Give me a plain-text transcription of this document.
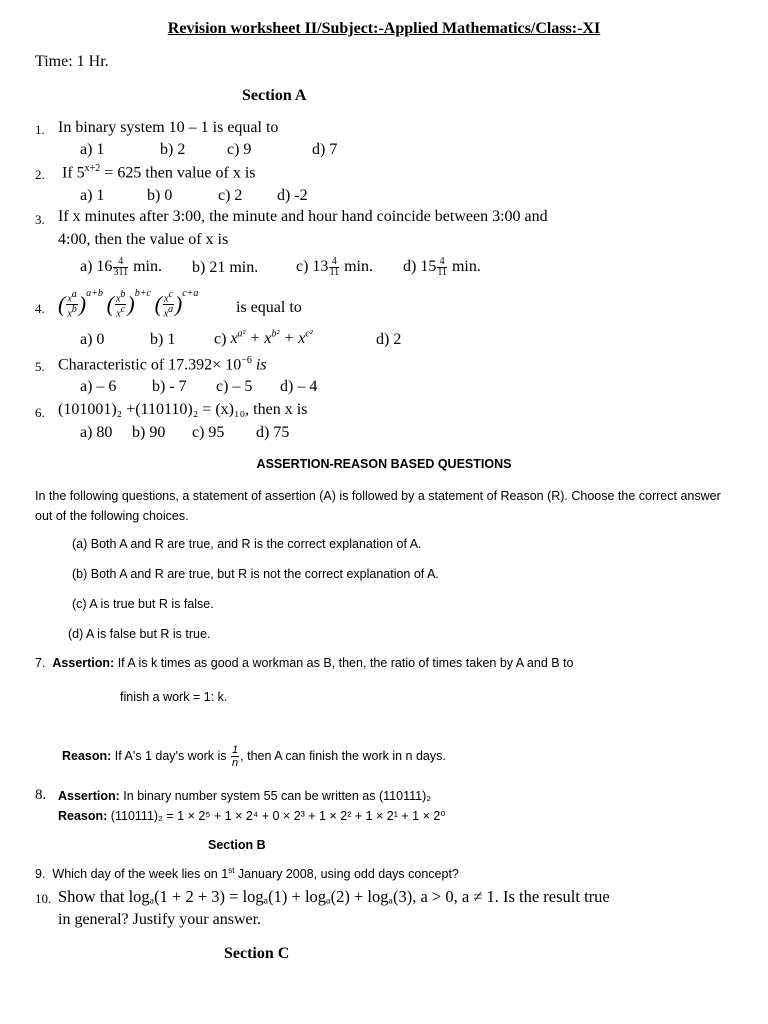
Revision worksheet II/Subject:-Applied Mathematics/Class:-XI
Time: 1 Hr.
Section A
1. In binary system 10 – 1 is equal to
a) 1	b) 2	c) 9	d) 7
2. If $5^{x+2} = 625$ then value of x is
a) 1	b) 0	c) 2 d) -2
3. If x minutes after 3:00, the minute and hour hand coincide between 3:00 and
4:00, then the value of x is
a) $16 \frac{4}{311} \min$. b) 21 min. c) $13 \frac{4}{11} \min$. d) $15 \frac{4}{11} \min$.
4. ( $\frac{x^a}{x^b} )^{a+b}$ ( $\frac{x^b}{x^c} )^{b+c}$ ( $\frac{x^c}{x^a} )^{c+a}$
is equal to
a) 0	b) 1 c) $x^{a^2} + x^{b^2} + x^{c^2}$	d) 2
5. Characteristic of $17.392\times 10^{-6}$ is
a) – 6 b) - 7 c) – 5 d) – 4
6. (101001)₂ +(110110)₂ = (x)₁₀, then x is
a) 80 b) 90 c) 95 d) 75
ASSERTION-REASON BASED QUESTIONS
In the following questions, a statement of assertion (A) is followed by a statement of Reason (R). Choose the correct answer out of the following choices.
(a) Both A and R are true, and R is the correct explanation of A.
(b) Both A and R are true, but R is not the correct explanation of A.
(c) A is true but R is false.
(d) A is false but R is true.
7. Assertion: If A is k times as good a workman as B, then, the ratio of times taken by A and B to
finish a work = 1: k.
Reason: If A's 1 day's work is $\frac{1}{n}$ , then A can finish the work in n days.
8. Assertion: In binary number system 55 can be written as (110111)₂
Reason: (110111)₂ = 1 × 2⁵ + 1 × 2⁴ + 0 × 2³ + 1 × 2² + 1 × 2¹ + 1 × 2⁰
Section B
9. Which day of the week lies on 1st January 2008, using odd days concept?
10. Show that logₐ(1 + 2 + 3) = logₐ(1) + logₐ(2) + logₐ(3), a > 0, a ≠ 1. Is the result true
in general? Justify your answer.
Section C
